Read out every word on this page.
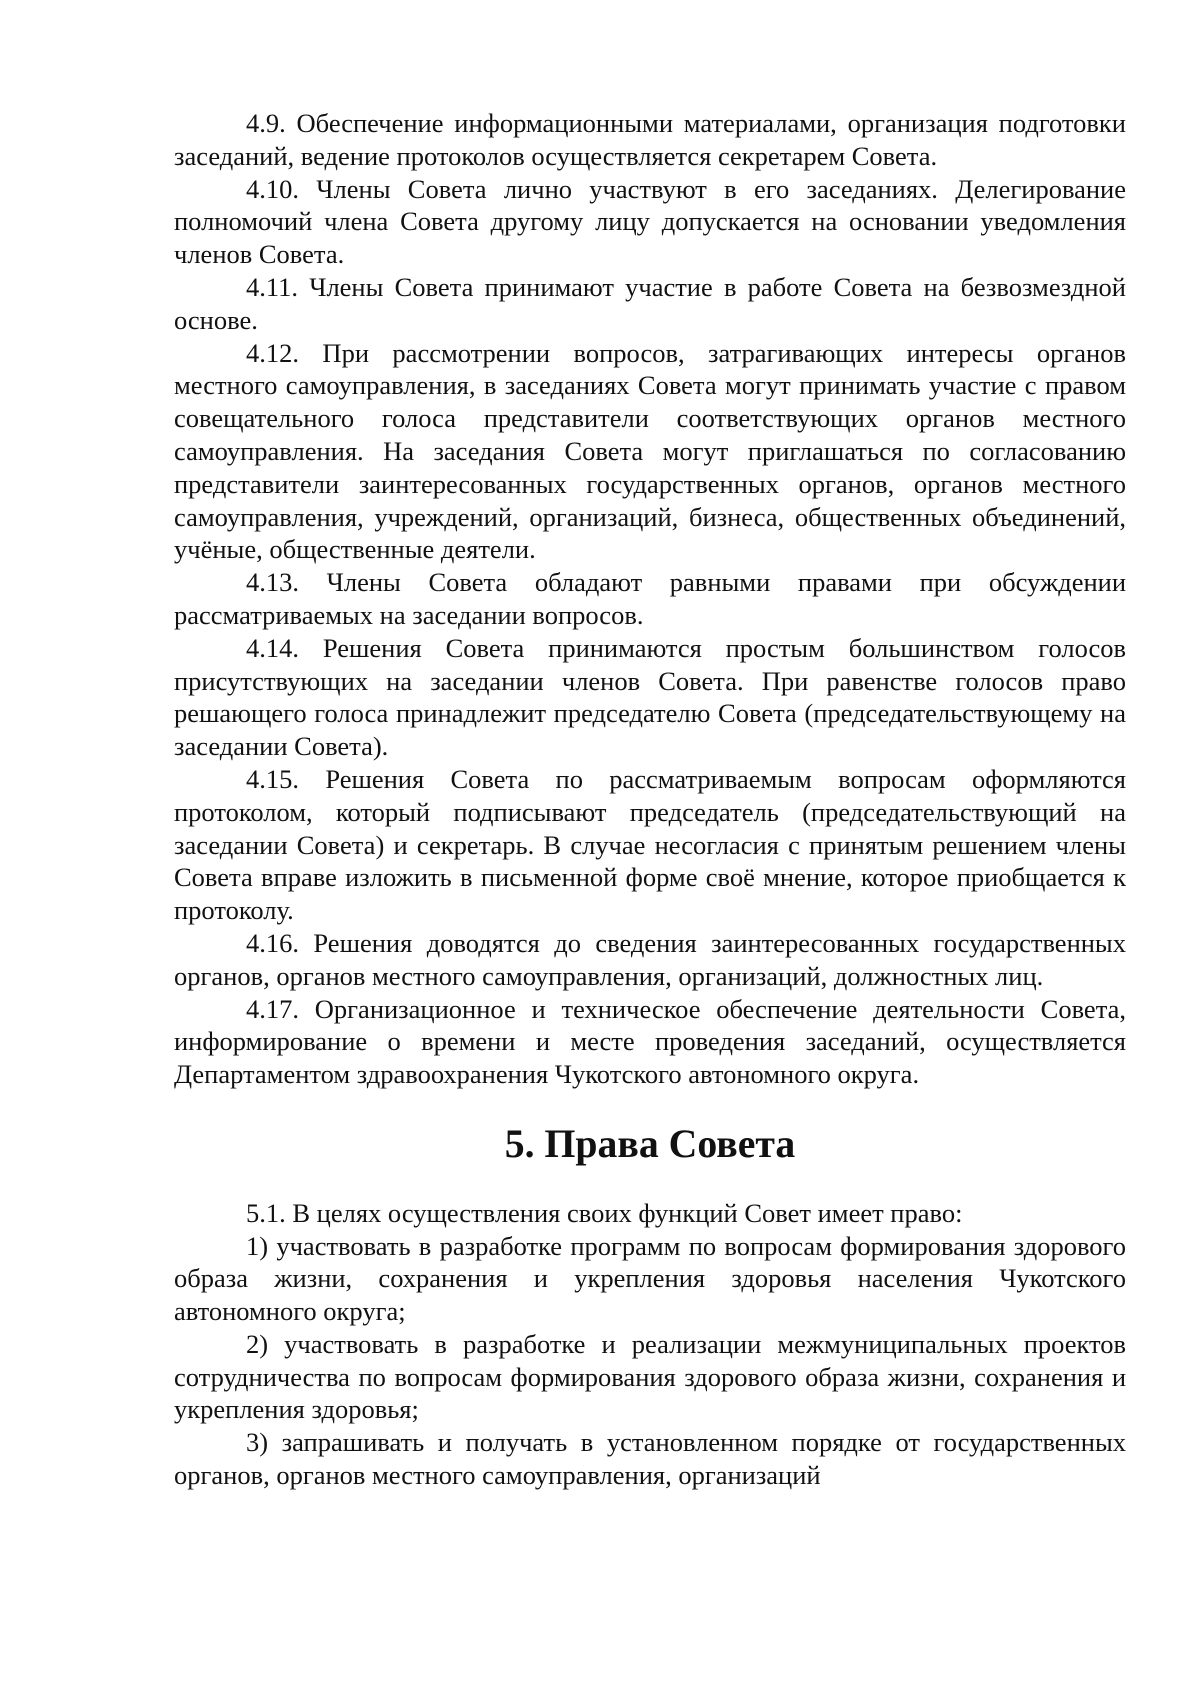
4.9. Обеспечение информационными материалами, организация подготовки заседаний, ведение протоколов осуществляется секретарем Совета.

4.10. Члены Совета лично участвуют в его заседаниях. Делегирование полномочий члена Совета другому лицу допускается на основании уведомления членов Совета.

4.11. Члены Совета принимают участие в работе Совета на безвозмездной основе.

4.12. При рассмотрении вопросов, затрагивающих интересы органов местного самоуправления, в заседаниях Совета могут принимать участие с правом совещательного голоса представители соответствующих органов местного самоуправления. На заседания Совета могут приглашаться по согласованию представители заинтересованных государственных органов, органов местного самоуправления, учреждений, организаций, бизнеса, общественных объединений, учёные, общественные деятели.

4.13. Члены Совета обладают равными правами при обсуждении рассматриваемых на заседании вопросов.

4.14. Решения Совета принимаются простым большинством голосов присутствующих на заседании членов Совета. При равенстве голосов право решающего голоса принадлежит председателю Совета (председательствующему на заседании Совета).

4.15. Решения Совета по рассматриваемым вопросам оформляются протоколом, который подписывают председатель (председательствующий на заседании Совета) и секретарь. В случае несогласия с принятым решением члены Совета вправе изложить в письменной форме своё мнение, которое приобщается к протоколу.

4.16. Решения доводятся до сведения заинтересованных государственных органов, органов местного самоуправления, организаций, должностных лиц.

4.17. Организационное и техническое обеспечение деятельности Совета, информирование о времени и месте проведения заседаний, осуществляется Департаментом здравоохранения Чукотского автономного округа.

5. Права Совета

5.1. В целях осуществления своих функций Совет имеет право:

1) участвовать в разработке программ по вопросам формирования здорового образа жизни, сохранения и укрепления здоровья населения Чукотского автономного округа;

2) участвовать в разработке и реализации межмуниципальных проектов сотрудничества по вопросам формирования здорового образа жизни, сохранения и укрепления здоровья;

3) запрашивать и получать в установленном порядке от государственных органов, органов местного самоуправления, организаций
